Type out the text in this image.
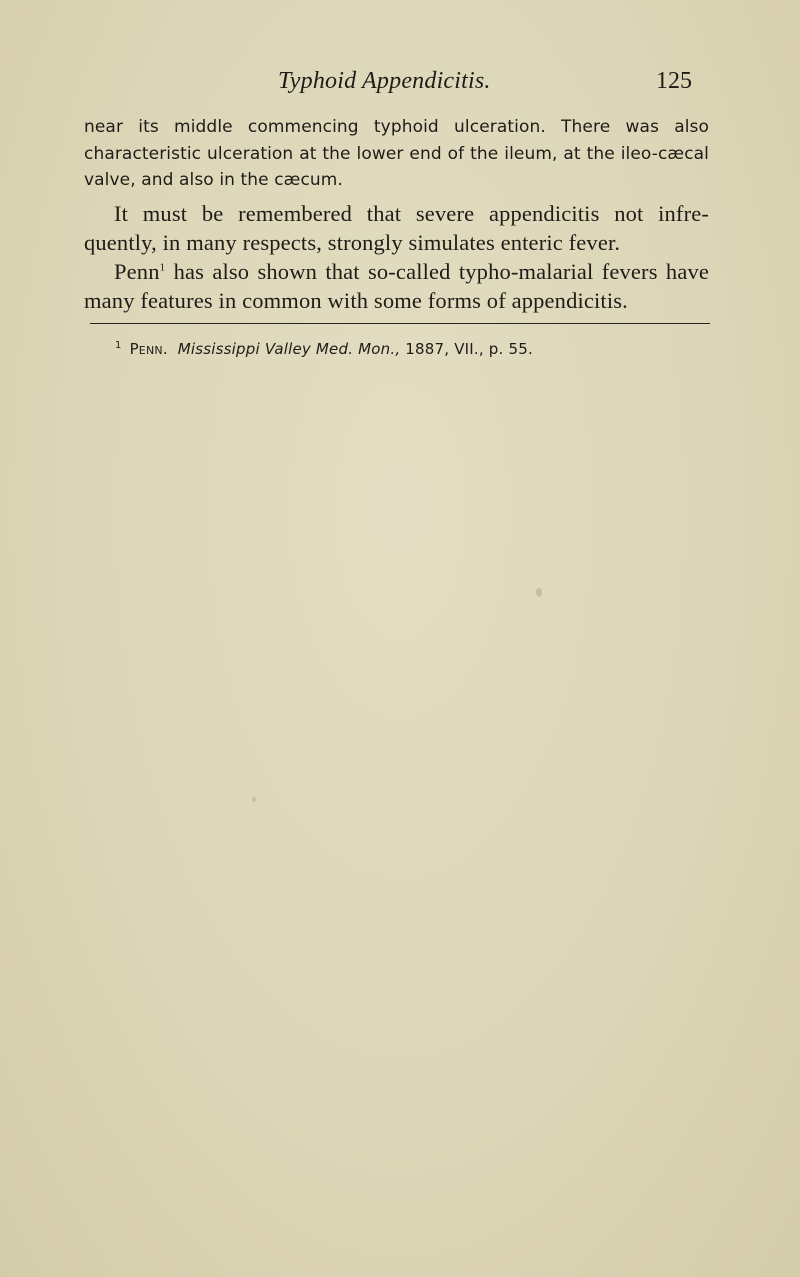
Typhoid Appendicitis.	125

near its middle commencing typhoid ulceration. There was also characteristic ulceration at the lower end of the ileum, at the ileo-cæcal valve, and also in the cæcum.

It must be remembered that severe appendicitis not infre-quently, in many respects, strongly simulates enteric fever.

Penn$^1$ has also shown that so-called typho-malarial fevers have many features in common with some forms of appendicitis.

$^1$ Penn. Mississippi Valley Med. Mon., 1887, VII., p. 55.
